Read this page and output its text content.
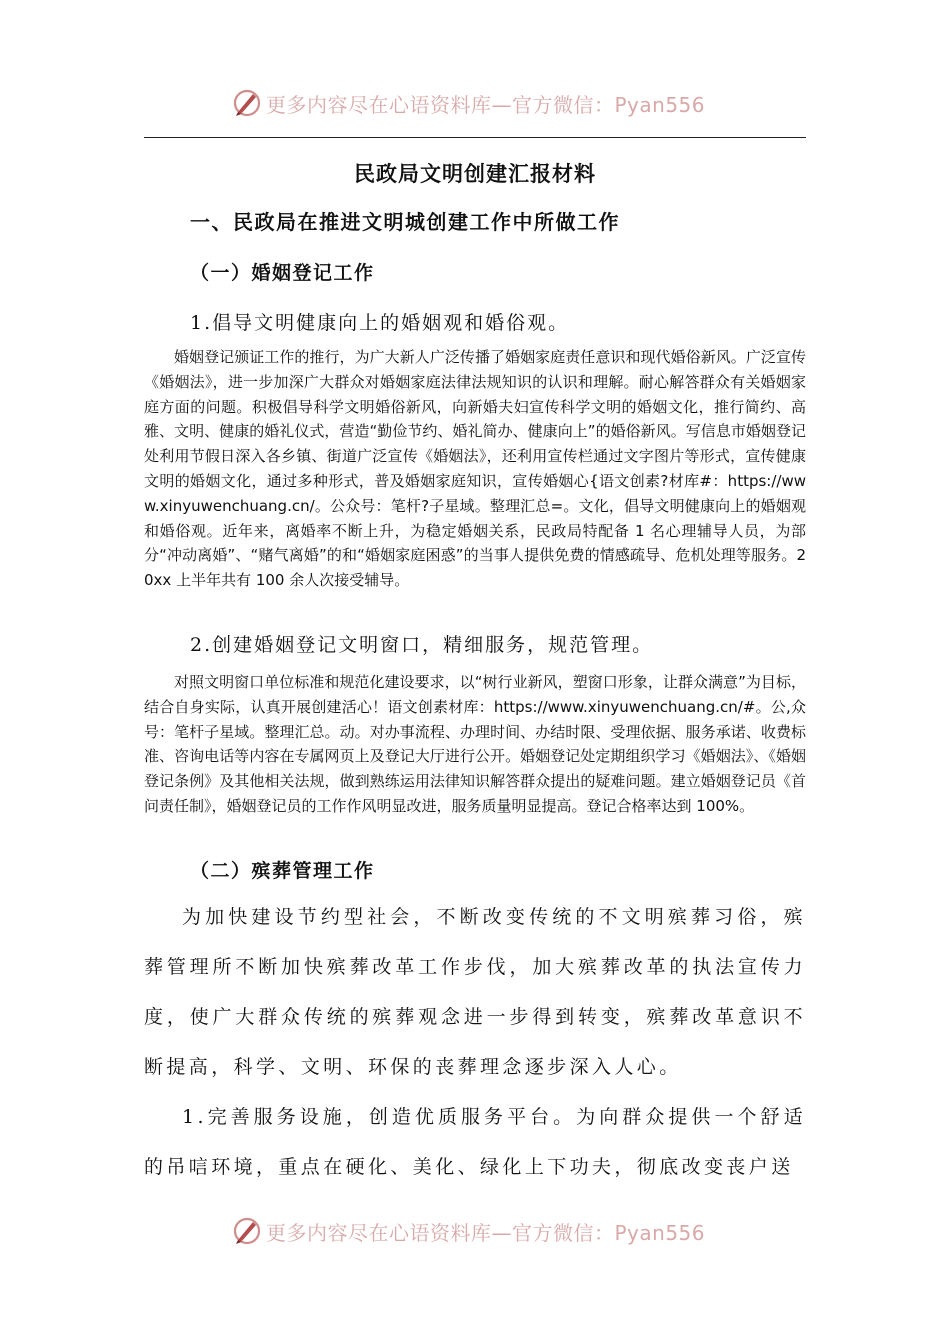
更多内容尽在心语资料库—官方微信：Pyan556
民政局文明创建汇报材料
一、民政局在推进文明城创建工作中所做工作
（一）婚姻登记工作
1.倡导文明健康向上的婚姻观和婚俗观。
婚姻登记颁证工作的推行，为广大新人广泛传播了婚姻家庭责任意识和现代婚俗新风。广泛宣传《婚姻法》，进一步加深广大群众对婚姻家庭法律法规知识的认识和理解。耐心解答群众有关婚姻家庭方面的问题。积极倡导科学文明婚俗新风，向新婚夫妇宣传科学文明的婚姻文化，推行简约、高雅、文明、健康的婚礼仪式，营造“勤俭节约、婚礼简办、健康向上”的婚俗新风。写信息市婚姻登记处利用节假日深入各乡镇、街道广泛宣传《婚姻法》，还利用宣传栏通过文字图片等形式，宣传健康文明的婚姻文化，通过多种形式，普及婚姻家庭知识，宣传婚姻心{语文创素?材库#：https://www.xinyuwenchuang.cn/。公众号：笔杆?子星域。整理汇总=。文化，倡导文明健康向上的婚姻观和婚俗观。近年来，离婚率不断上升，为稳定婚姻关系，民政局特配备 1 名心理辅导人员，为部分“冲动离婚”、“赌气离婚”的和“婚姻家庭困惑”的当事人提供免费的情感疏导、危机处理等服务。20xx 上半年共有 100 余人次接受辅导。
2.创建婚姻登记文明窗口，精细服务，规范管理。
对照文明窗口单位标准和规范化建设要求，以“树行业新风，塑窗口形象，让群众满意”为目标，结合自身实际，认真开展创建活心！语文创素材库：https://www.xinyuwenchuang.cn/#。公,众号：笔杆子星域。整理汇总。动。对办事流程、办理时间、办结时限、受理依据、服务承诺、收费标准、咨询电话等内容在专属网页上及登记大厅进行公开。婚姻登记处定期组织学习《婚姻法》、《婚姻登记条例》及其他相关法规，做到熟练运用法律知识解答群众提出的疑难问题。建立婚姻登记员《首问责任制》，婚姻登记员的工作作风明显改进，服务质量明显提高。登记合格率达到 100%。
（二）殡葬管理工作
为加快建设节约型社会，不断改变传统的不文明殡葬习俗，殡葬管理所不断加快殡葬改革工作步伐，加大殡葬改革的执法宣传力度，使广大群众传统的殡葬观念进一步得到转变，殡葬改革意识不断提高，科学、文明、环保的丧葬理念逐步深入人心。
1.完善服务设施，创造优质服务平台。为向群众提供一个舒适的吊唁环境，重点在硬化、美化、绿化上下功夫，彻底改变丧户送
更多内容尽在心语资料库—官方微信：Pyan556
